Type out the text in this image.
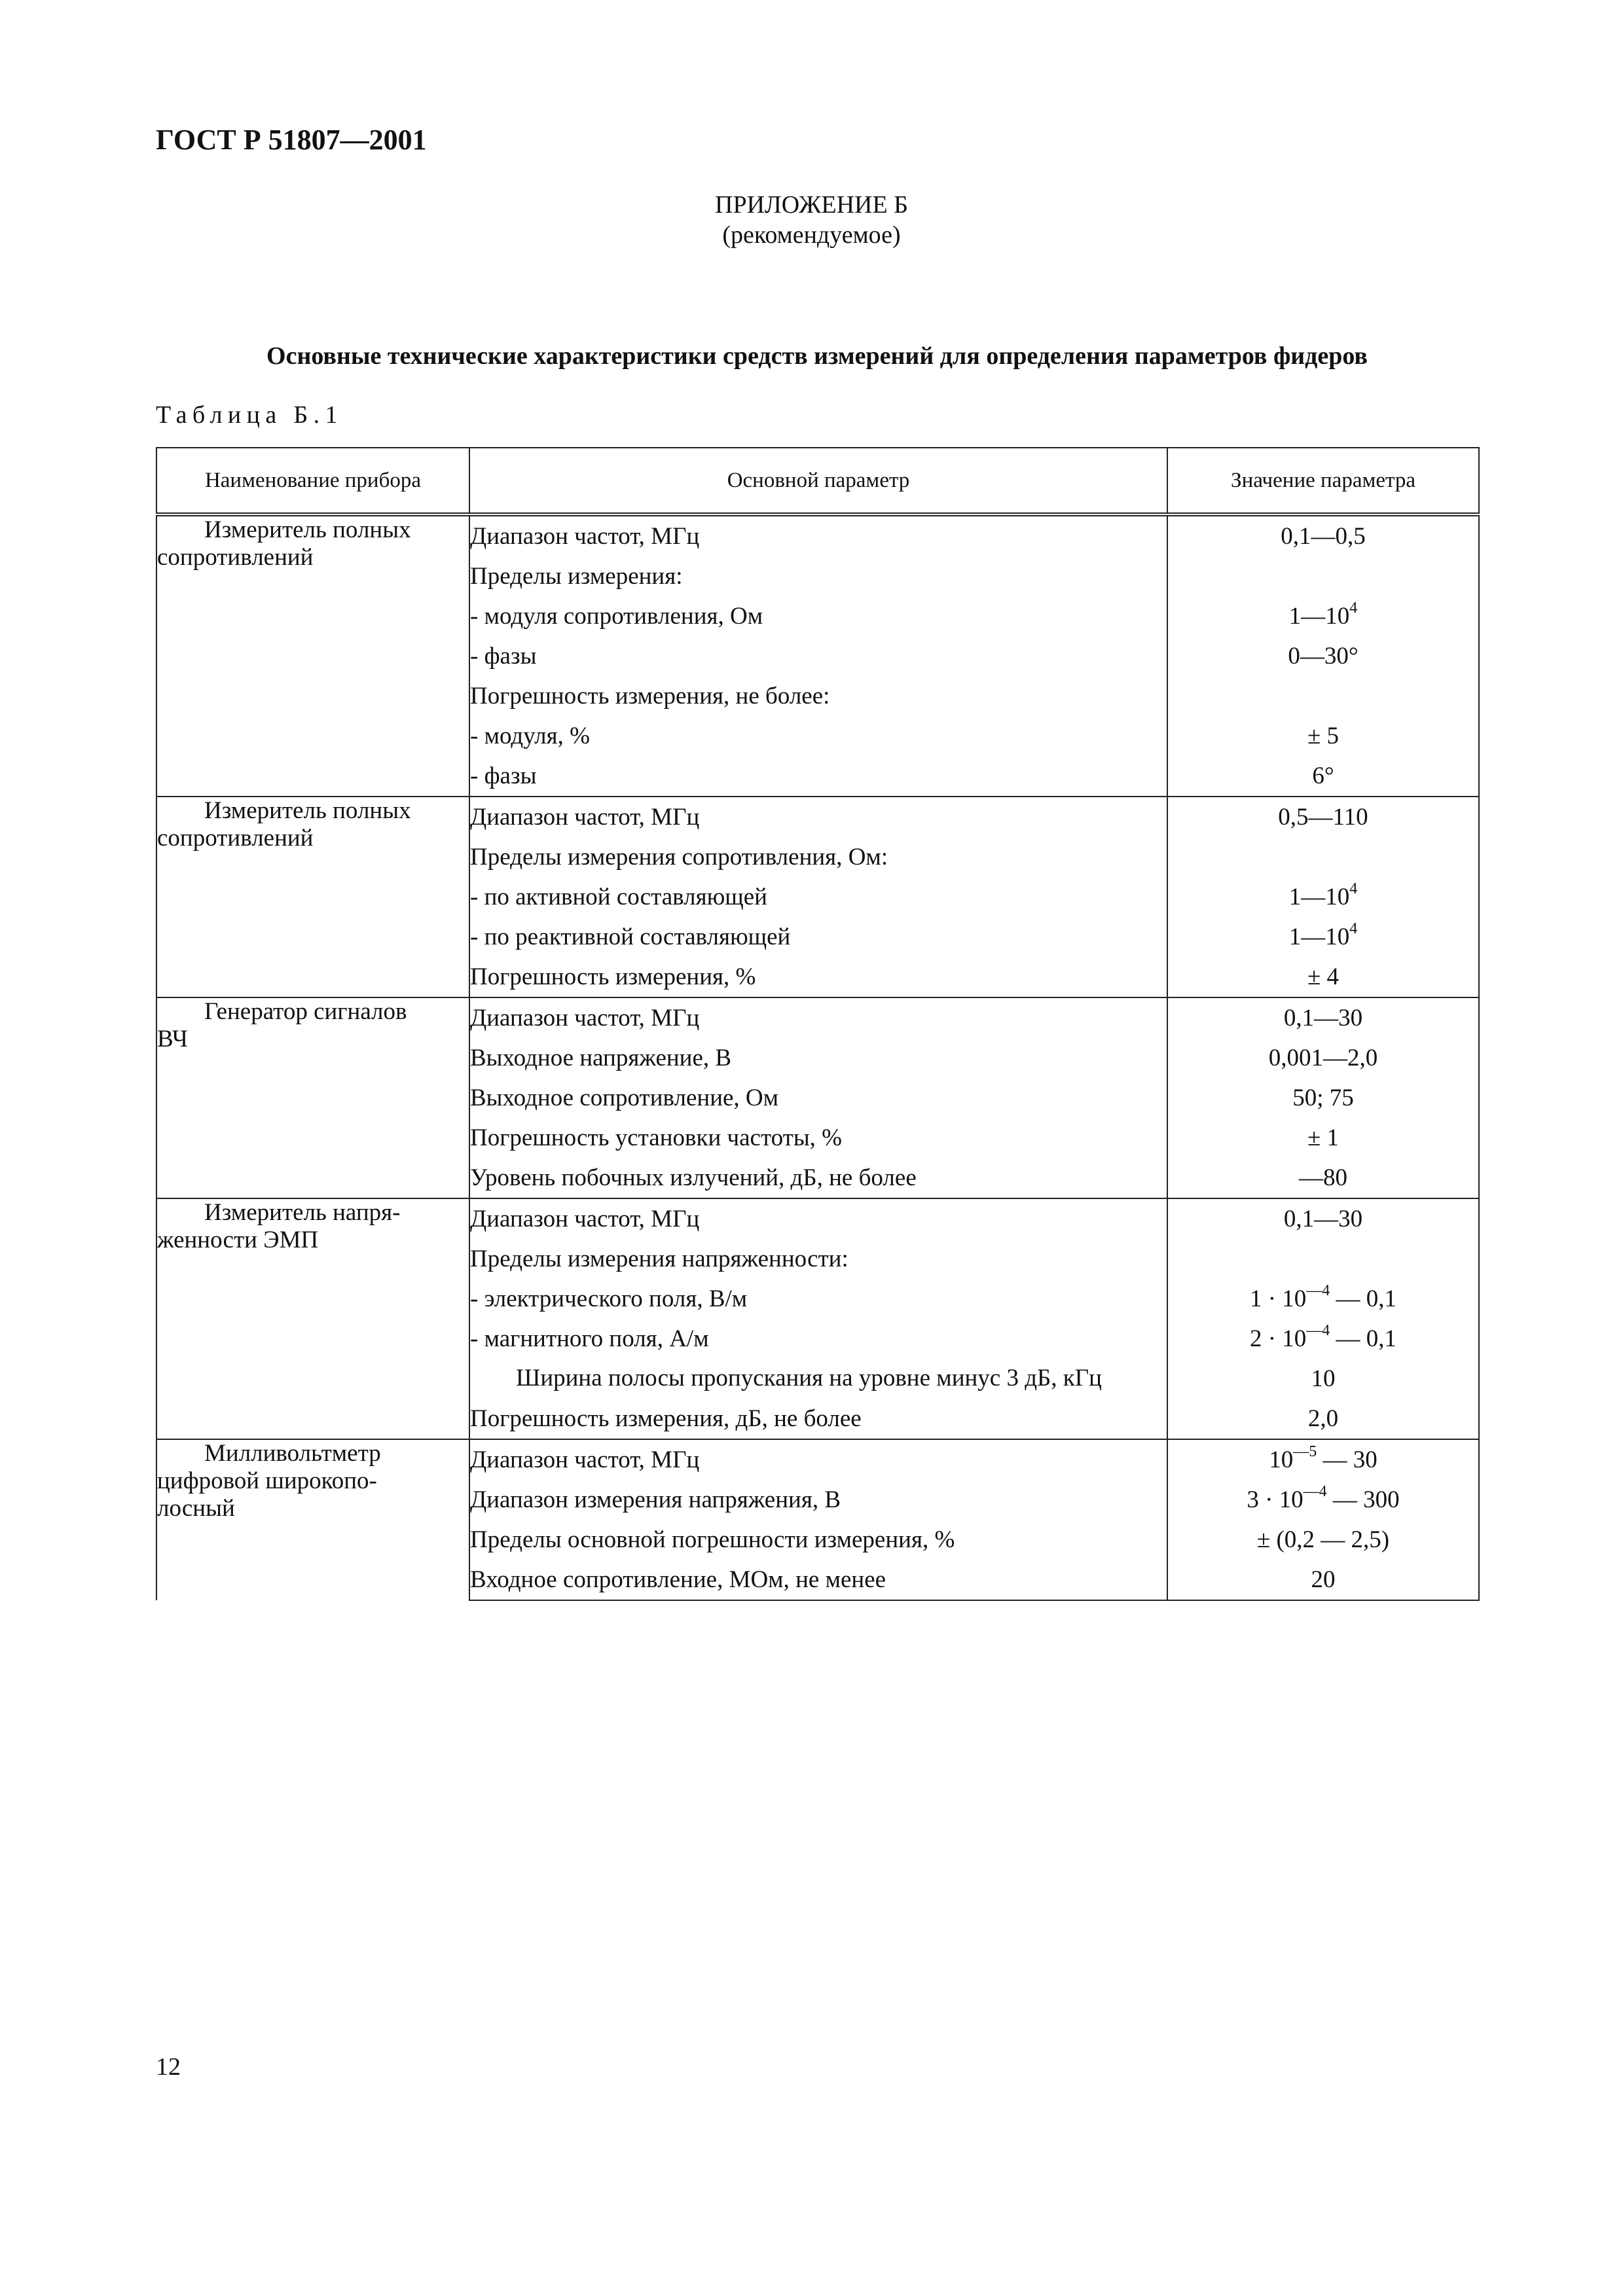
ГОСТ Р 51807—2001
ПРИЛОЖЕНИЕ Б
(рекомендуемое)
Основные технические характеристики средств измерений для определения параметров фидеров
Таблица Б.1
Наименование прибора	Основной параметр	Значение параметра

Измеритель полных
сопротивлений	Диапазон частот, МГц	0,1—0,5
	Пределы измерения:	
	- модуля сопротивления, Ом	$1—10^4$
	- фазы	0—30°
	Погрешность измерения, не более:	
	- модуля, %	± 5
	- фазы	6°

Измеритель полных
сопротивлений	Диапазон частот, МГц	0,5—110
	Пределы измерения сопротивления, Ом:	
	- по активной составляющей	$1—10^4$
	- по реактивной составляющей	$1—10^4$
	Погрешность измерения, %	± 4

Генератор сигналов
ВЧ	Диапазон частот, МГц	0,1—30
	Выходное напряжение, В	0,001—2,0
	Выходное сопротивление, Ом	50; 75
	Погрешность установки частоты, %	± 1
	Уровень побочных излучений, дБ, не более	—80

Измеритель напря-
женности ЭМП	Диапазон частот, МГц	0,1—30
	Пределы измерения напряженности:	
	- электрического поля, В/м	$1 \cdot 10^{—4}$ — 0,1
	- магнитного поля, А/м	$2 \cdot 10^{—4}$ — 0,1
	Ширина полосы пропускания на уровне минус 3 дБ, кГц	10
	Погрешность измерения, дБ, не более	2,0

Милливольтметр
цифровой широкопо-
лосный	Диапазон частот, МГц	$10^{—5}$ — 30
	Диапазон измерения напряжения, В	$3 \cdot 10^{—4}$ — 300
	Пределы основной погрешности измерения, %	± (0,2 — 2,5)
	Входное сопротивление, МОм, не менее	20
12
